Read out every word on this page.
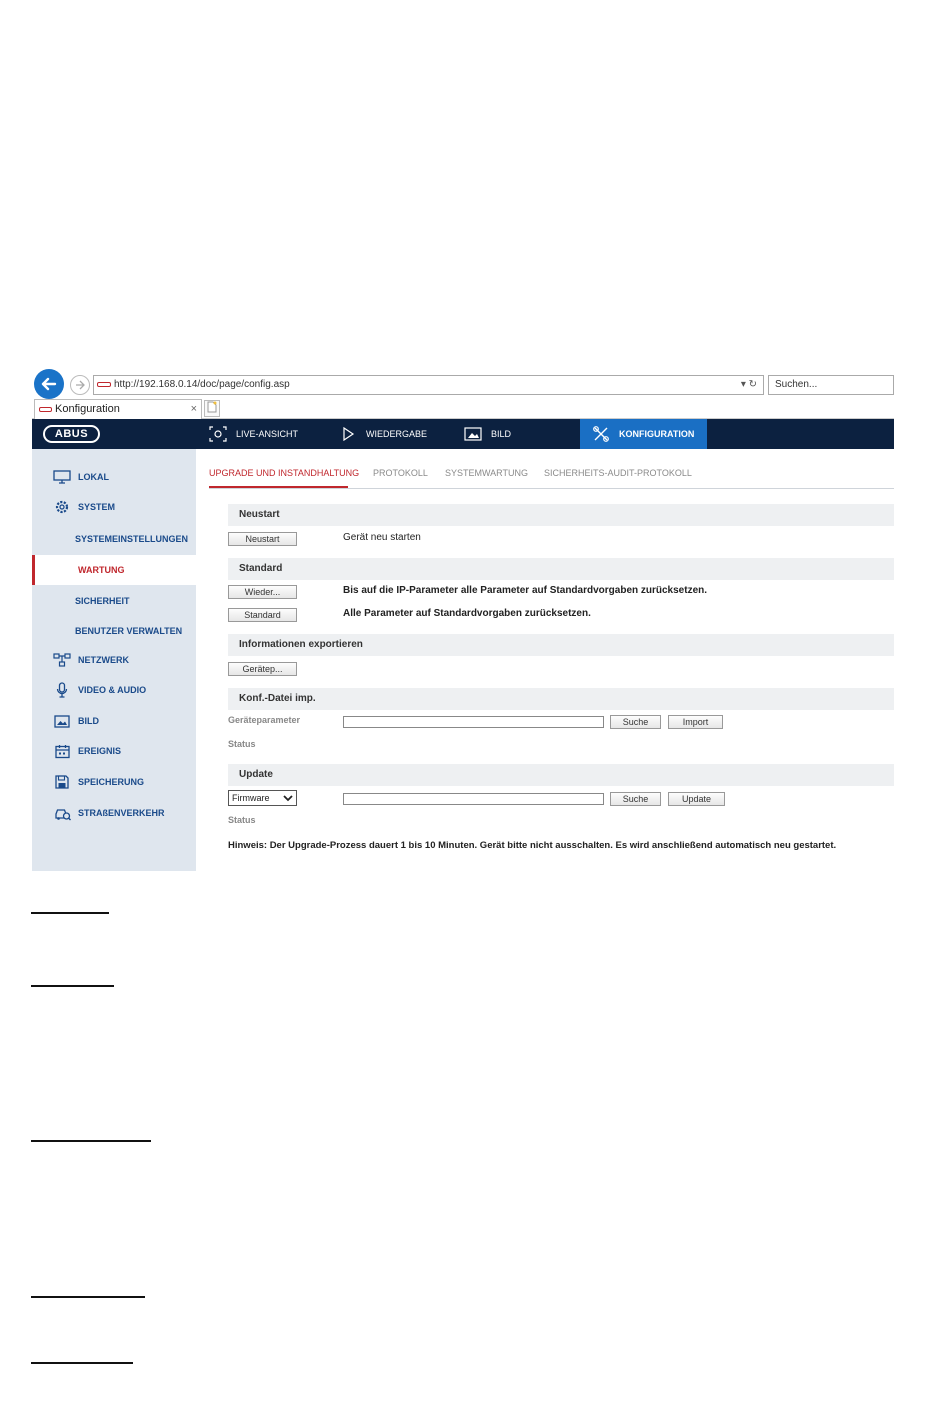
http://192.168.0.14/doc/page/config.asp	▾ ↻	Suchen...
Konfiguration	×
ABUS	LIVE-ANSICHT	WIEDERGABE	BILD	KONFIGURATION
LOKAL
SYSTEM
SYSTEMEINSTELLUNGEN
WARTUNG
SICHERHEIT
BENUTZER VERWALTEN
NETZWERK
VIDEO & AUDIO
BILD
EREIGNIS
SPEICHERUNG
STRAßENVERKEHR
UPGRADE UND INSTANDHALTUNG PROTOKOLL SYSTEMWARTUNG SICHERHEITS-AUDIT-PROTOKOLL
Neustart
Neustart	Gerät neu starten
Standard
Wieder...	Bis auf die IP-Parameter alle Parameter auf Standardvorgaben zurücksetzen.
Standard	Alle Parameter auf Standardvorgaben zurücksetzen.
Informationen exportieren
Gerätep...
Konf.-Datei imp.
Geräteparameter	Suche	Import
Status
Update
Firmware	Suche	Update
Status
Hinweis: Der Upgrade-Prozess dauert 1 bis 10 Minuten. Gerät bitte nicht ausschalten. Es wird anschließend automatisch neu gestartet.
